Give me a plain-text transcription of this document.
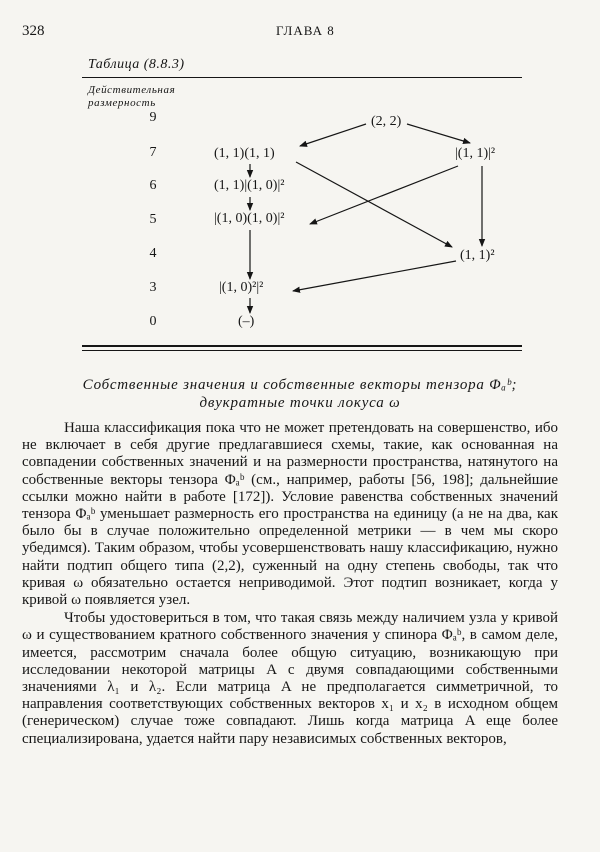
328	ГЛАВА 8
Таблица (8.8.3)
Действительная
размерность
9
7
6
5
4
3
0
(2, 2)
(1, 1)(1, 1)	|(1, 1)|²
(1, 1)|(1, 0)|²
|(1, 0)(1, 0)|²
(1, 1)²
|(1, 0)²|²
(–)
Собственные значения и собственные векторы тензора Φₐᵇ;
двукратные точки локуса ω

Наша классификация пока что не может претендовать на совершенство, ибо не включает в себя другие предлагавшиеся схемы, такие, как основанная на совпадении собственных значений и на размерности пространства, натянутого на собственные векторы тензора Φₐᵇ (см., например, работы [56, 198]; дальнейшие ссылки можно найти в работе [172]). Условие равенства собственных значений тензора Φₐᵇ уменьшает размерность его пространства на единицу (а не на два, как было бы в случае положительно определенной метрики — в чем мы скоро убедимся). Таким образом, чтобы усовершенствовать нашу классификацию, нужно найти подтип общего типа (2,2), суженный на одну степень свободы, так что кривая ω обязательно остается неприводимой. Этот подтип возникает, когда у кривой ω появляется узел.

Чтобы удостовериться в том, что такая связь между наличием узла у кривой ω и существованием кратного собственного значения у спинора Φₐᵇ, в самом деле, имеется, рассмотрим сначала более общую ситуацию, возникающую при исследовании некоторой матрицы A с двумя совпадающими собственными значениями λ₁ и λ₂. Если матрица A не предполагается симметричной, то направления соответствующих собственных векторов x₁ и x₂ в исходном общем (генерическом) случае тоже совпадают. Лишь когда матрица A еще более специализирована, удается найти пару независимых собственных векторов,
